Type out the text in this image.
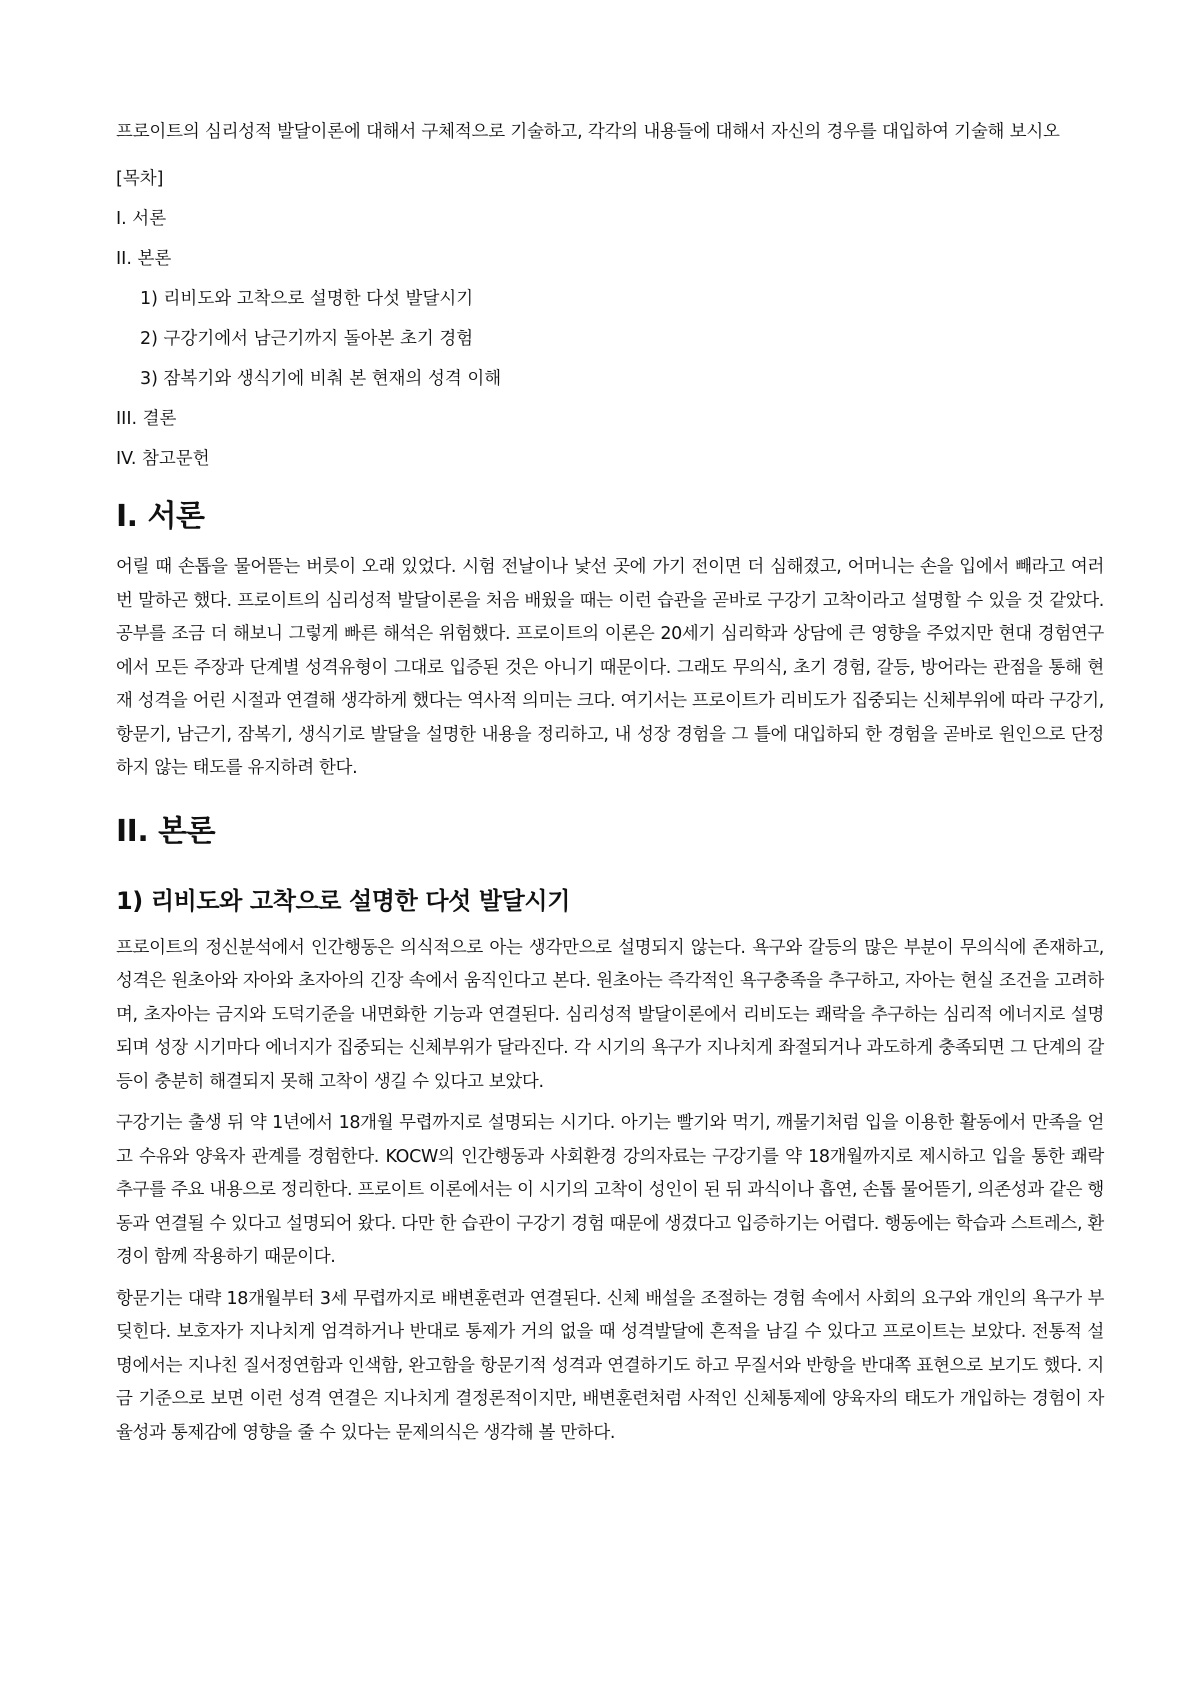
프로이트의 심리성적 발달이론에 대해서 구체적으로 기술하고, 각각의 내용들에 대해서 자신의 경우를 대입하여 기술해 보시오

[목차]
I. 서론
II. 본론
1) 리비도와 고착으로 설명한 다섯 발달시기
2) 구강기에서 남근기까지 돌아본 초기 경험
3) 잠복기와 생식기에 비춰 본 현재의 성격 이해
III. 결론
IV. 참고문헌
I. 서론

어릴 때 손톱을 물어뜯는 버릇이 오래 있었다. 시험 전날이나 낯선 곳에 가기 전이면 더 심해졌고, 어머니는 손을 입에서 빼라고 여러 번 말하곤 했다. 프로이트의 심리성적 발달이론을 처음 배웠을 때는 이런 습관을 곧바로 구강기 고착이라고 설명할 수 있을 것 같았다. 공부를 조금 더 해보니 그렇게 빠른 해석은 위험했다. 프로이트의 이론은 20세기 심리학과 상담에 큰 영향을 주었지만 현대 경험연구에서 모든 주장과 단계별 성격유형이 그대로 입증된 것은 아니기 때문이다. 그래도 무의식, 초기 경험, 갈등, 방어라는 관점을 통해 현재 성격을 어린 시절과 연결해 생각하게 했다는 역사적 의미는 크다. 여기서는 프로이트가 리비도가 집중되는 신체부위에 따라 구강기, 항문기, 남근기, 잠복기, 생식기로 발달을 설명한 내용을 정리하고, 내 성장 경험을 그 틀에 대입하되 한 경험을 곧바로 원인으로 단정하지 않는 태도를 유지하려 한다.

II. 본론
1) 리비도와 고착으로 설명한 다섯 발달시기

프로이트의 정신분석에서 인간행동은 의식적으로 아는 생각만으로 설명되지 않는다. 욕구와 갈등의 많은 부분이 무의식에 존재하고, 성격은 원초아와 자아와 초자아의 긴장 속에서 움직인다고 본다. 원초아는 즉각적인 욕구충족을 추구하고, 자아는 현실 조건을 고려하며, 초자아는 금지와 도덕기준을 내면화한 기능과 연결된다. 심리성적 발달이론에서 리비도는 쾌락을 추구하는 심리적 에너지로 설명되며 성장 시기마다 에너지가 집중되는 신체부위가 달라진다. 각 시기의 욕구가 지나치게 좌절되거나 과도하게 충족되면 그 단계의 갈등이 충분히 해결되지 못해 고착이 생길 수 있다고 보았다.

구강기는 출생 뒤 약 1년에서 18개월 무렵까지로 설명되는 시기다. 아기는 빨기와 먹기, 깨물기처럼 입을 이용한 활동에서 만족을 얻고 수유와 양육자 관계를 경험한다. KOCW의 인간행동과 사회환경 강의자료는 구강기를 약 18개월까지로 제시하고 입을 통한 쾌락 추구를 주요 내용으로 정리한다. 프로이트 이론에서는 이 시기의 고착이 성인이 된 뒤 과식이나 흡연, 손톱 물어뜯기, 의존성과 같은 행동과 연결될 수 있다고 설명되어 왔다. 다만 한 습관이 구강기 경험 때문에 생겼다고 입증하기는 어렵다. 행동에는 학습과 스트레스, 환경이 함께 작용하기 때문이다.

항문기는 대략 18개월부터 3세 무렵까지로 배변훈련과 연결된다. 신체 배설을 조절하는 경험 속에서 사회의 요구와 개인의 욕구가 부딪힌다. 보호자가 지나치게 엄격하거나 반대로 통제가 거의 없을 때 성격발달에 흔적을 남길 수 있다고 프로이트는 보았다. 전통적 설명에서는 지나친 질서정연함과 인색함, 완고함을 항문기적 성격과 연결하기도 하고 무질서와 반항을 반대쪽 표현으로 보기도 했다. 지금 기준으로 보면 이런 성격 연결은 지나치게 결정론적이지만, 배변훈련처럼 사적인 신체통제에 양육자의 태도가 개입하는 경험이 자율성과 통제감에 영향을 줄 수 있다는 문제의식은 생각해 볼 만하다.
